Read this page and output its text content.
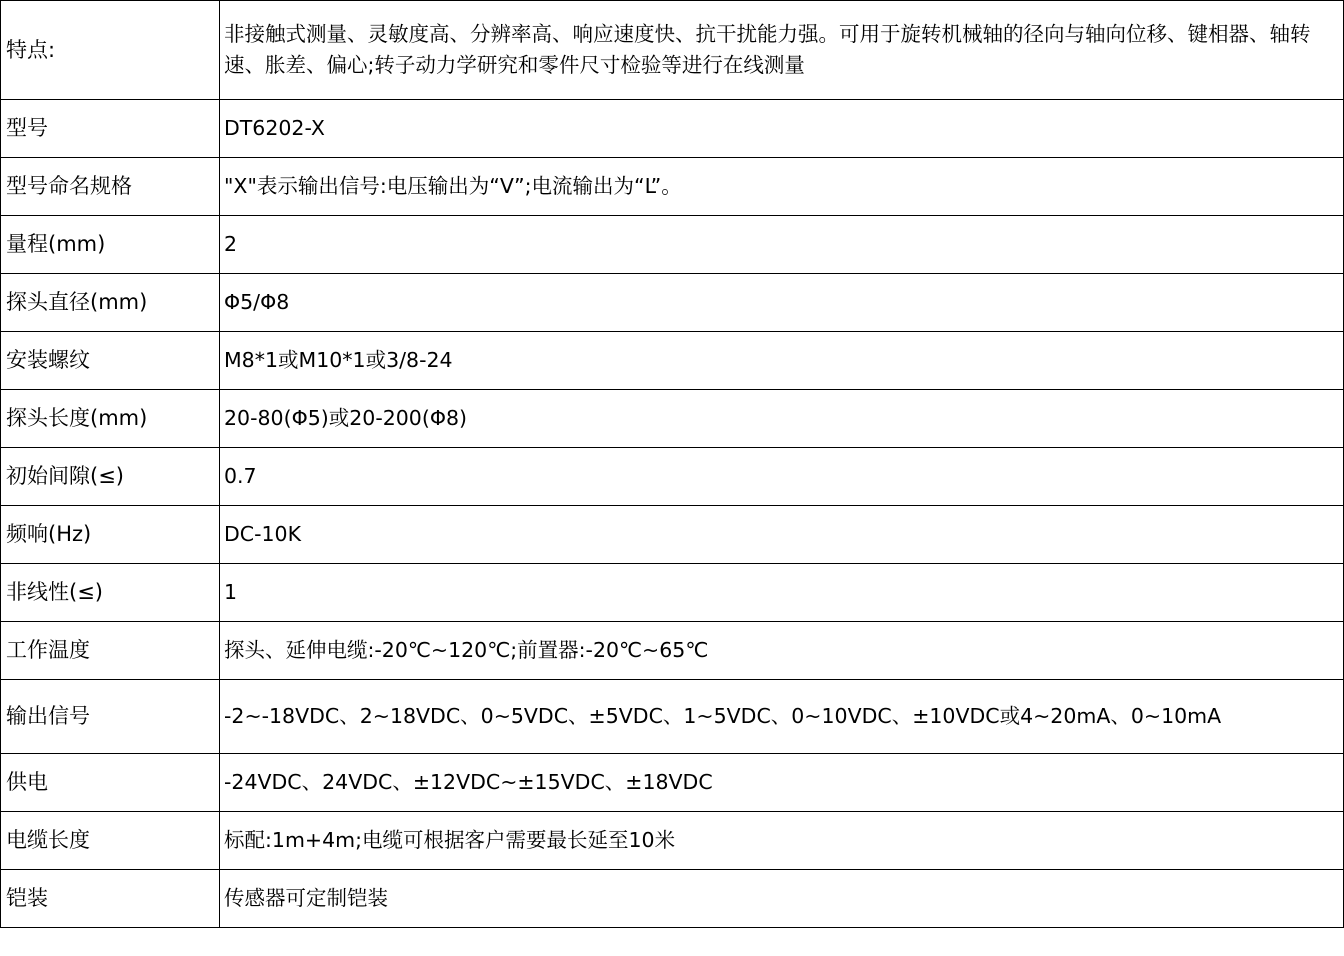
特点:	非接触式测量、灵敏度高、分辨率高、响应速度快、抗干扰能力强。可用于旋转机械轴的径向与轴向位移、键相器、轴转速、胀差、偏心;转子动力学研究和零件尺寸检验等进行在线测量
型号	DT6202-X
型号命名规格	"X"表示输出信号:电压输出为“V”;电流输出为“L”。
量程(mm)	2
探头直径(mm)	Φ5/Φ8
安装螺纹	M8*1或M10*1或3/8-24
探头长度(mm)	20-80(Φ5)或20-200(Φ8)
初始间隙(≤)	0.7
频响(Hz)	DC-10K
非线性(≤)	1
工作温度	探头、延伸电缆:-20℃~120℃;前置器:-20℃~65℃
输出信号	-2~-18VDC、2~18VDC、0~5VDC、±5VDC、1~5VDC、0~10VDC、±10VDC或4~20mA、0~10mA
供电	-24VDC、24VDC、±12VDC~±15VDC、±18VDC
电缆长度	标配:1m+4m;电缆可根据客户需要最长延至10米
铠装	传感器可定制铠装
